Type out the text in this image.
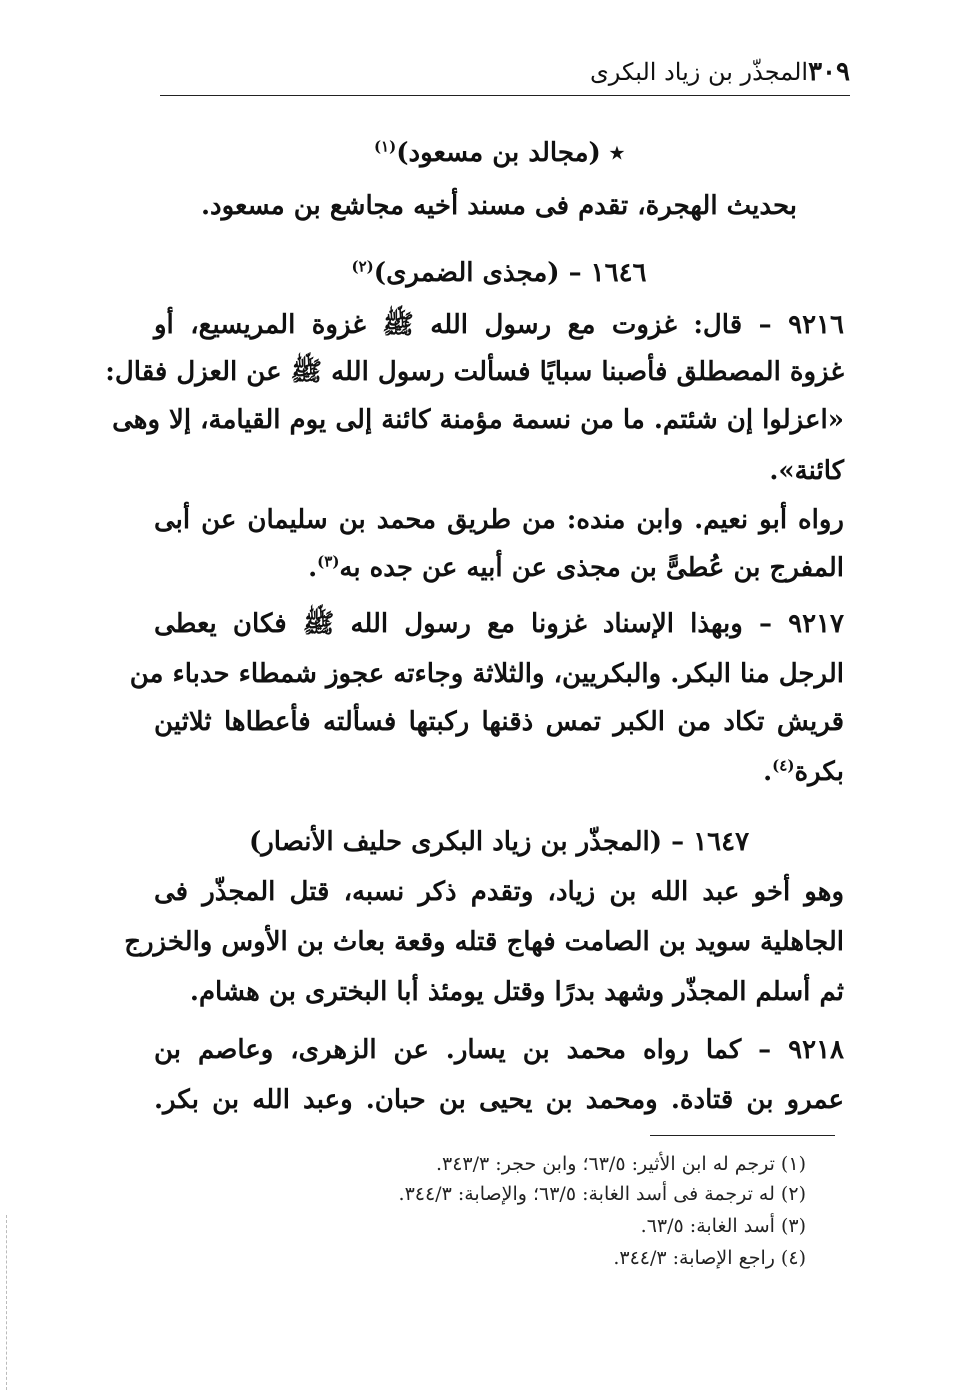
٣٠٩
المجذّر بن زياد البكرى
٭ (مجالد بن مسعود)$^{(١)}$
بحديث الهجرة، تقدم فى مسند أخيه مجاشع بن مسعود.
١٦٤٦ – (مجذى الضمرى)$^{(٢)}$
٩٢١٦ – قال: غزوت مع رسول الله ﷺ غزوة المريسيع، أو
غزوة المصطلق فأصبنا سبايًا فسألت رسول الله ﷺ عن العزل فقال:
«اعزلوا إن شئتم. ما من نسمة مؤمنة كائنة إلى يوم القيامة، إلا وهى
كائنة».
رواه أبو نعيم. وابن منده: من طريق محمد بن سليمان عن أبى
المفرج بن عُطىًّ بن مجذى عن أبيه عن جده به$^{(٣)}$.
٩٢١٧ – وبهذا الإسناد غزونا مع رسول الله ﷺ فكان يعطى
الرجل منا البكر. والبكريين، والثلاثة وجاءته عجوز شمطاء حدباء من
قريش تكاد من الكبر تمس ذقنها ركبتها فسألته فأعطاها ثلاثين
بكرة$^{(٤)}$.
١٦٤٧ – (المجذّر بن زياد البكرى حليف الأنصار)
وهو أخو عبد الله بن زياد، وتقدم ذكر نسبه، قتل المجذّر فى
الجاهلية سويد بن الصامت فهاج قتله وقعة بعاث بن الأوس والخزرج
ثم أسلم المجذّر وشهد بدرًا وقتل يومئذ أبا البخترى بن هشام.
٩٢١٨ – كما رواه محمد بن يسار. عن الزهرى، وعاصم بن
عمرو بن قتادة. ومحمد بن يحيى بن حبان. وعبد الله بن بكر.
(١) ترجم له ابن الأثير: ٦٣/٥؛ وابن حجر: ٣٤٣/٣.
(٢) له ترجمة فى أسد الغابة: ٦٣/٥؛ والإصابة: ٣٤٤/٣.
(٣) أسد الغابة: ٦٣/٥.
(٤) راجع الإصابة: ٣٤٤/٣.
